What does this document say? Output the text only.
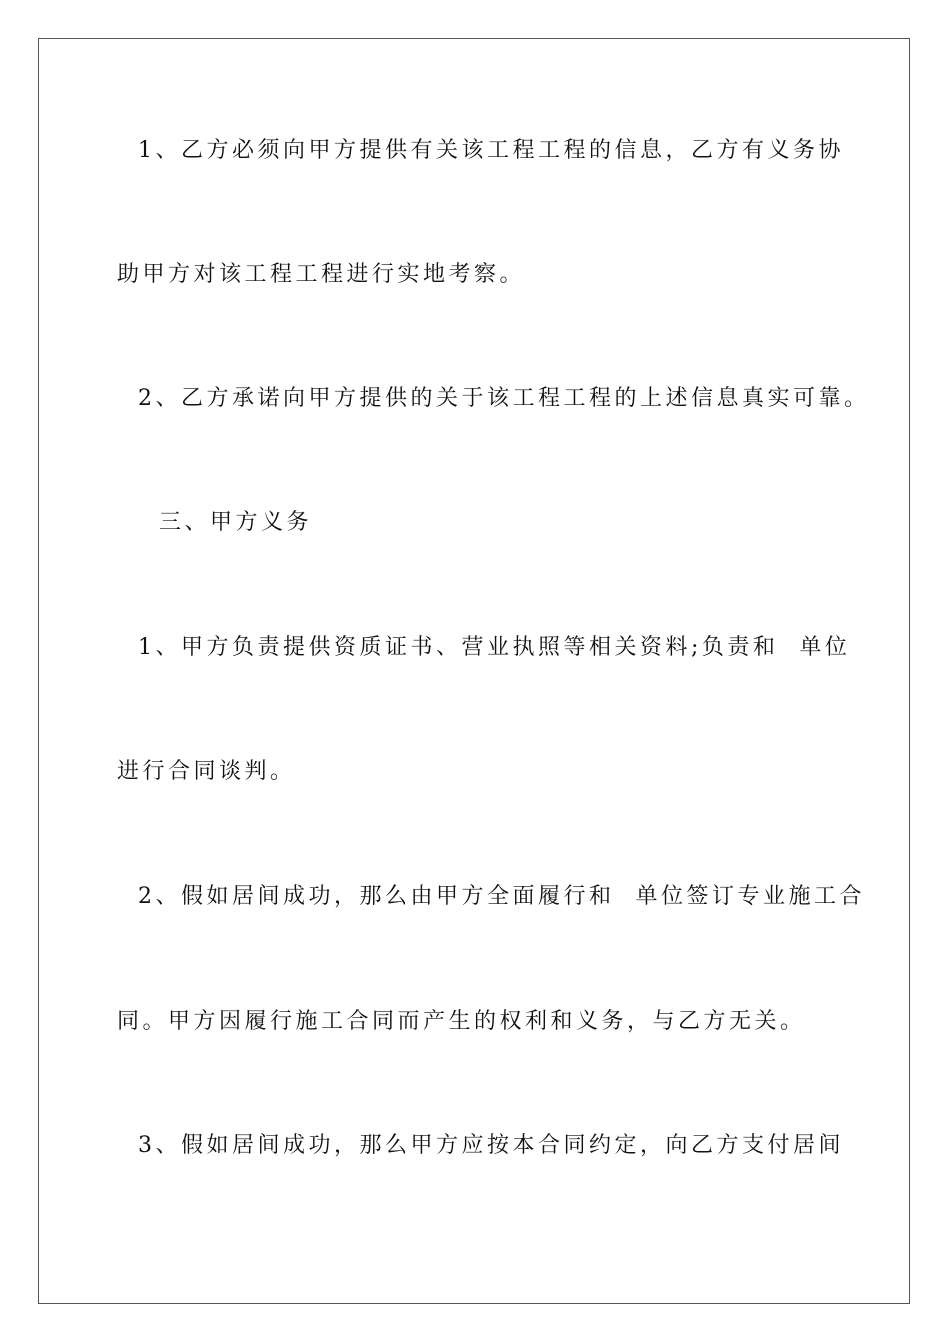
1、乙方必须向甲方提供有关该工程工程的信息，乙方有义务协
助甲方对该工程工程进行实地考察。
2、乙方承诺向甲方提供的关于该工程工程的上述信息真实可靠。
三、甲方义务
1、甲方负责提供资质证书、营业执照等相关资料;负责和  单位
进行合同谈判。
2、假如居间成功，那么由甲方全面履行和  单位签订专业施工合
同。甲方因履行施工合同而产生的权利和义务，与乙方无关。
3、假如居间成功，那么甲方应按本合同约定，向乙方支付居间
